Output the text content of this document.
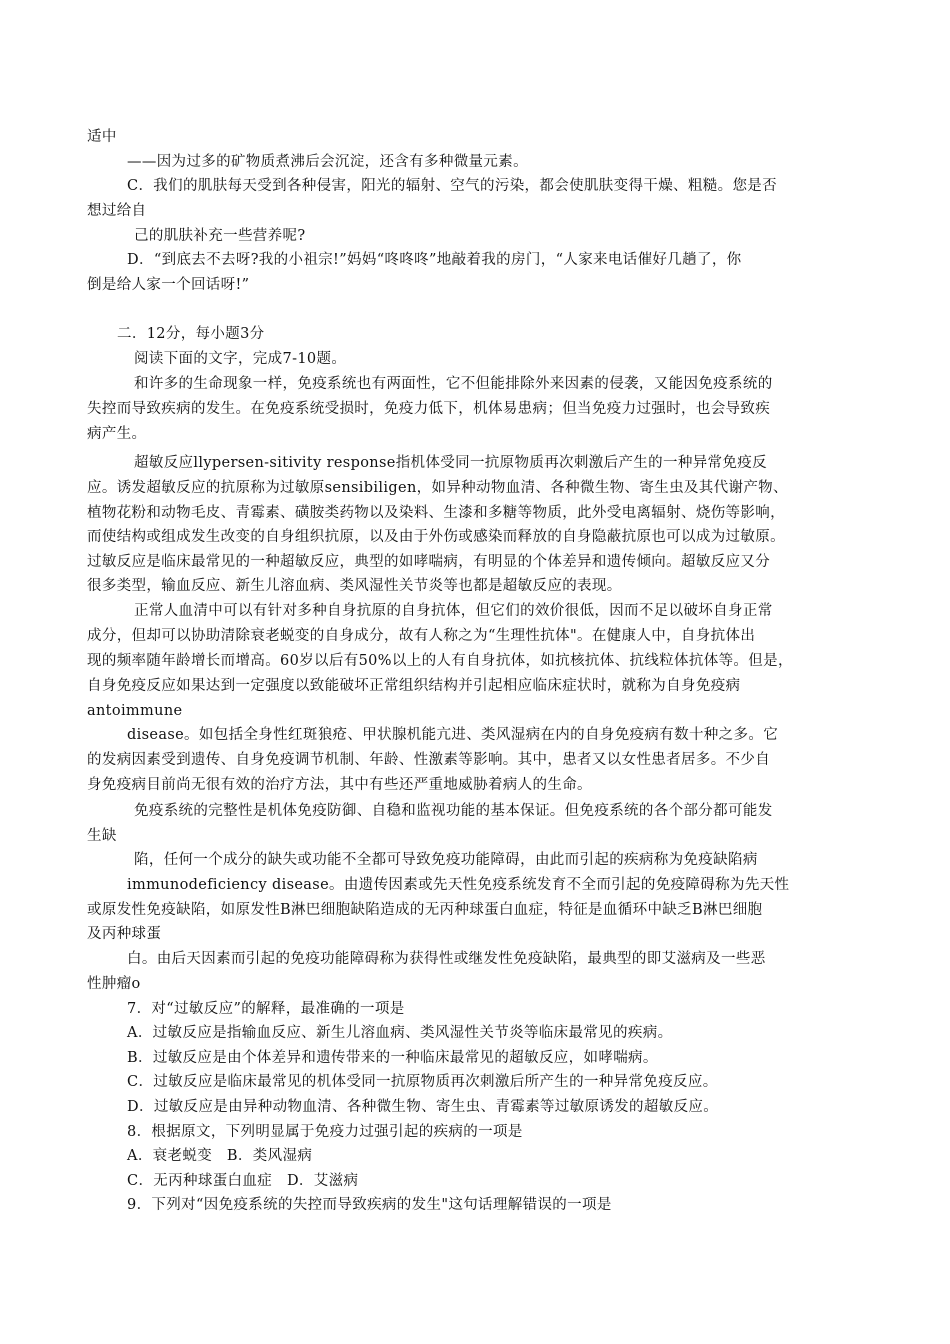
适中

——因为过多的矿物质煮沸后会沉淀，还含有多种微量元素。

C．我们的肌肤每天受到各种侵害，阳光的辐射、空气的污染，都会使肌肤变得干燥、粗糙。您是否

想过给自

己的肌肤补充一些营养呢?

D．“到底去不去呀?我的小祖宗!”妈妈“咚咚咚”地敲着我的房门，“人家来电话催好几趟了，你

倒是给人家一个回话呀!”

二．12分，每小题3分

阅读下面的文字，完成7-10题。

和许多的生命现象一样，免疫系统也有两面性，它不但能排除外来因素的侵袭，又能因免疫系统的

失控而导致疾病的发生。在免疫系统受损时，免疫力低下，机体易患病；但当免疫力过强时，也会导致疾

病产生。

超敏反应llypersen-sitivity response指机体受同一抗原物质再次刺激后产生的一种异常免疫反

应。诱发超敏反应的抗原称为过敏原sensibiligen，如异种动物血清、各种微生物、寄生虫及其代谢产物、

植物花粉和动物毛皮、青霉素、磺胺类药物以及染料、生漆和多糖等物质，此外受电离辐射、烧伤等影响，

而使结构或组成发生改变的自身组织抗原，以及由于外伤或感染而释放的自身隐蔽抗原也可以成为过敏原。

过敏反应是临床最常见的一种超敏反应，典型的如哮喘病，有明显的个体差异和遗传倾向。超敏反应又分

很多类型，输血反应、新生儿溶血病、类风湿性关节炎等也都是超敏反应的表现。

正常人血清中可以有针对多种自身抗原的自身抗体，但它们的效价很低，因而不足以破坏自身正常

成分，但却可以协助清除衰老蜕变的自身成分，故有人称之为“生理性抗体"。在健康人中，自身抗体出

现的频率随年龄增长而增高。60岁以后有50%以上的人有自身抗体，如抗核抗体、抗线粒体抗体等。但是，

自身免疫反应如果达到一定强度以致能破坏正常组织结构并引起相应临床症状时，就称为自身免疫病

antoimmune

disease。如包括全身性红斑狼疮、甲状腺机能亢进、类风湿病在内的自身免疫病有数十种之多。它

的发病因素受到遗传、自身免疫调节机制、年龄、性激素等影响。其中，患者又以女性患者居多。不少自

身免疫病目前尚无很有效的治疗方法，其中有些还严重地威胁着病人的生命。

免疫系统的完整性是机体免疫防御、自稳和监视功能的基本保证。但免疫系统的各个部分都可能发

生缺

陷，任何一个成分的缺失或功能不全都可导致免疫功能障碍，由此而引起的疾病称为免疫缺陷病

immunodeficiency disease。由遗传因素或先天性免疫系统发育不全而引起的免疫障碍称为先天性

或原发性免疫缺陷，如原发性B淋巴细胞缺陷造成的无丙种球蛋白血症，特征是血循环中缺乏B淋巴细胞

及丙种球蛋

白。由后天因素而引起的免疫功能障碍称为获得性或继发性免疫缺陷，最典型的即艾滋病及一些恶

性肿瘤o

7．对“过敏反应”的解释，最准确的一项是

A．过敏反应是指输血反应、新生儿溶血病、类风湿性关节炎等临床最常见的疾病。

B．过敏反应是由个体差异和遗传带来的一种临床最常见的超敏反应，如哮喘病。

C．过敏反应是临床最常见的机体受同一抗原物质再次刺激后所产生的一种异常免疫反应。

D．过敏反应是由异种动物血清、各种微生物、寄生虫、青霉素等过敏原诱发的超敏反应。

8．根据原文，下列明显属于免疫力过强引起的疾病的一项是

A．衰老蜕变　B．类风湿病

C．无丙种球蛋白血症　D．艾滋病

9．下列对“因免疫系统的失控而导致疾病的发生"这句话理解错误的一项是
